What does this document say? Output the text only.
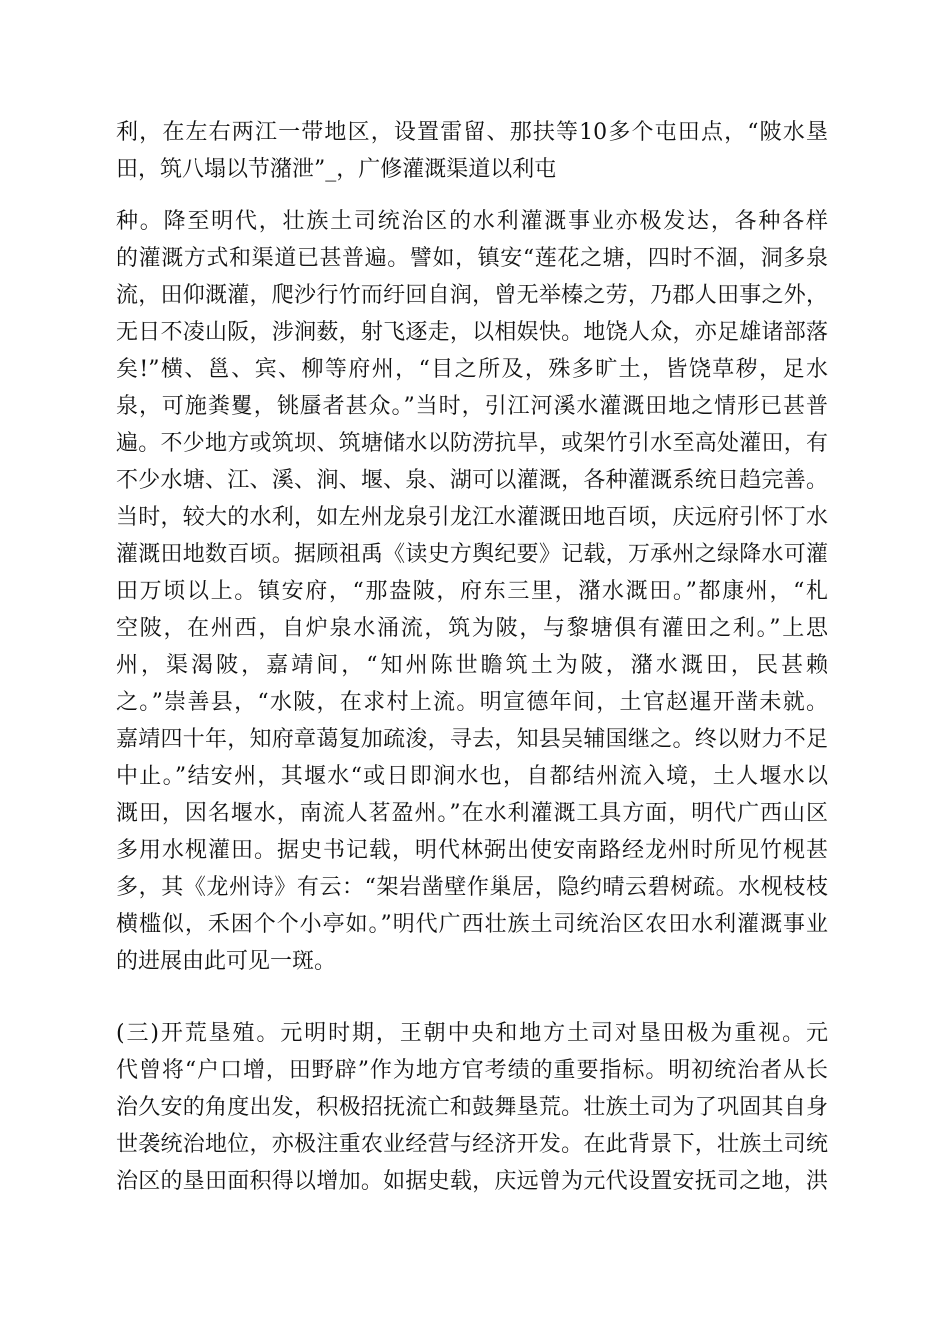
利，在左右两江一带地区，设置雷留、那扶等10多个屯田点，“陂水垦
田，筑八塌以节潴泄”_，广修灌溉渠道以利屯

种。降至明代，壮族土司统治区的水利灌溉事业亦极发达，各种各样
的灌溉方式和渠道已甚普遍。譬如，镇安“莲花之塘，四时不涸，洞多泉
流，田仰溉灌，爬沙行竹而纡回自润，曾无举榛之劳，乃郡人田事之外，
无日不凌山阪，涉涧薮，射飞逐走，以相娱快。地饶人众，亦足雄诸部落
矣!”横、邕、宾、柳等府州，“目之所及，殊多旷土，皆饶草秽，足水
泉，可施粪矍，铫蜃者甚众。”当时，引江河溪水灌溉田地之情形已甚普
遍。不少地方或筑坝、筑塘储水以防涝抗旱，或架竹引水至高处灌田，有
不少水塘、江、溪、涧、堰、泉、湖可以灌溉，各种灌溉系统日趋完善。
当时，较大的水利，如左州龙泉引龙江水灌溉田地百顷，庆远府引怀丁水
灌溉田地数百顷。据顾祖禹《读史方舆纪要》记载，万承州之绿降水可灌
田万顷以上。镇安府，“那盎陂，府东三里，潴水溉田。”都康州，“札
空陂，在州西，自炉泉水涌流，筑为陂，与黎塘俱有灌田之利。”上思
州，渠渴陂，嘉靖间，“知州陈世瞻筑土为陂，潴水溉田，民甚赖
之。”崇善县，“水陂，在求村上流。明宣德年间，土官赵暹开凿未就。
嘉靖四十年，知府章蔼复加疏浚，寻去，知县吴辅国继之。终以财力不足
中止。”结安州，其堰水“或日即涧水也，自都结州流入境，土人堰水以
溉田，因名堰水，南流人茗盈州。”在水利灌溉工具方面，明代广西山区
多用水枧灌田。据史书记载，明代林弼出使安南路经龙州时所见竹枧甚
多，其《龙州诗》有云：“架岩凿壁作巢居，隐约晴云碧树疏。水枧枝枝
横槛似，禾困个个小亭如。”明代广西壮族土司统治区农田水利灌溉事业
的进展由此可见一斑。

(三)开荒垦殖。元明时期，王朝中央和地方土司对垦田极为重视。元
代曾将“户口增，田野辟”作为地方官考绩的重要指标。明初统治者从长
治久安的角度出发，积极招抚流亡和鼓舞垦荒。壮族土司为了巩固其自身
世袭统治地位，亦极注重农业经营与经济开发。在此背景下，壮族土司统
治区的垦田面积得以增加。如据史载，庆远曾为元代设置安抚司之地，洪
